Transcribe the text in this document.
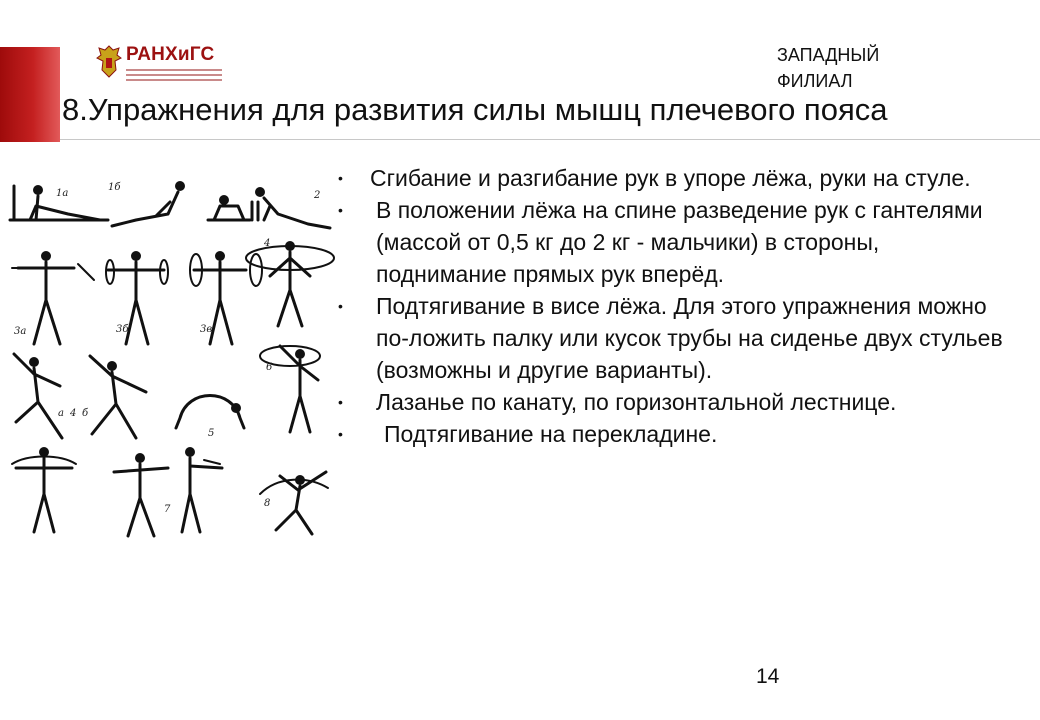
РАНХиГС	ЗАПАДНЫЙ
ФИЛИАЛ
8.Упражнения для развития силы мышц плечевого пояса
1а
1б
2
3а	3б	3в
4
а 4 б
5
6
7
8
• Сгибание и разгибание рук в упоре лёжа, руки на стуле.
• В положении лёжа на спине разведение рук с гантелями (массой от 0,5 кг до 2 кг - мальчики) в стороны, поднимание прямых рук вперёд.
• Подтягивание в висе лёжа. Для этого упражнения можно по-ложить палку или кусок трубы на сиденье двух стульев (возможны и другие варианты).
• Лазанье по канату, по горизонтальной лестнице.
• Подтягивание на перекладине.
14
